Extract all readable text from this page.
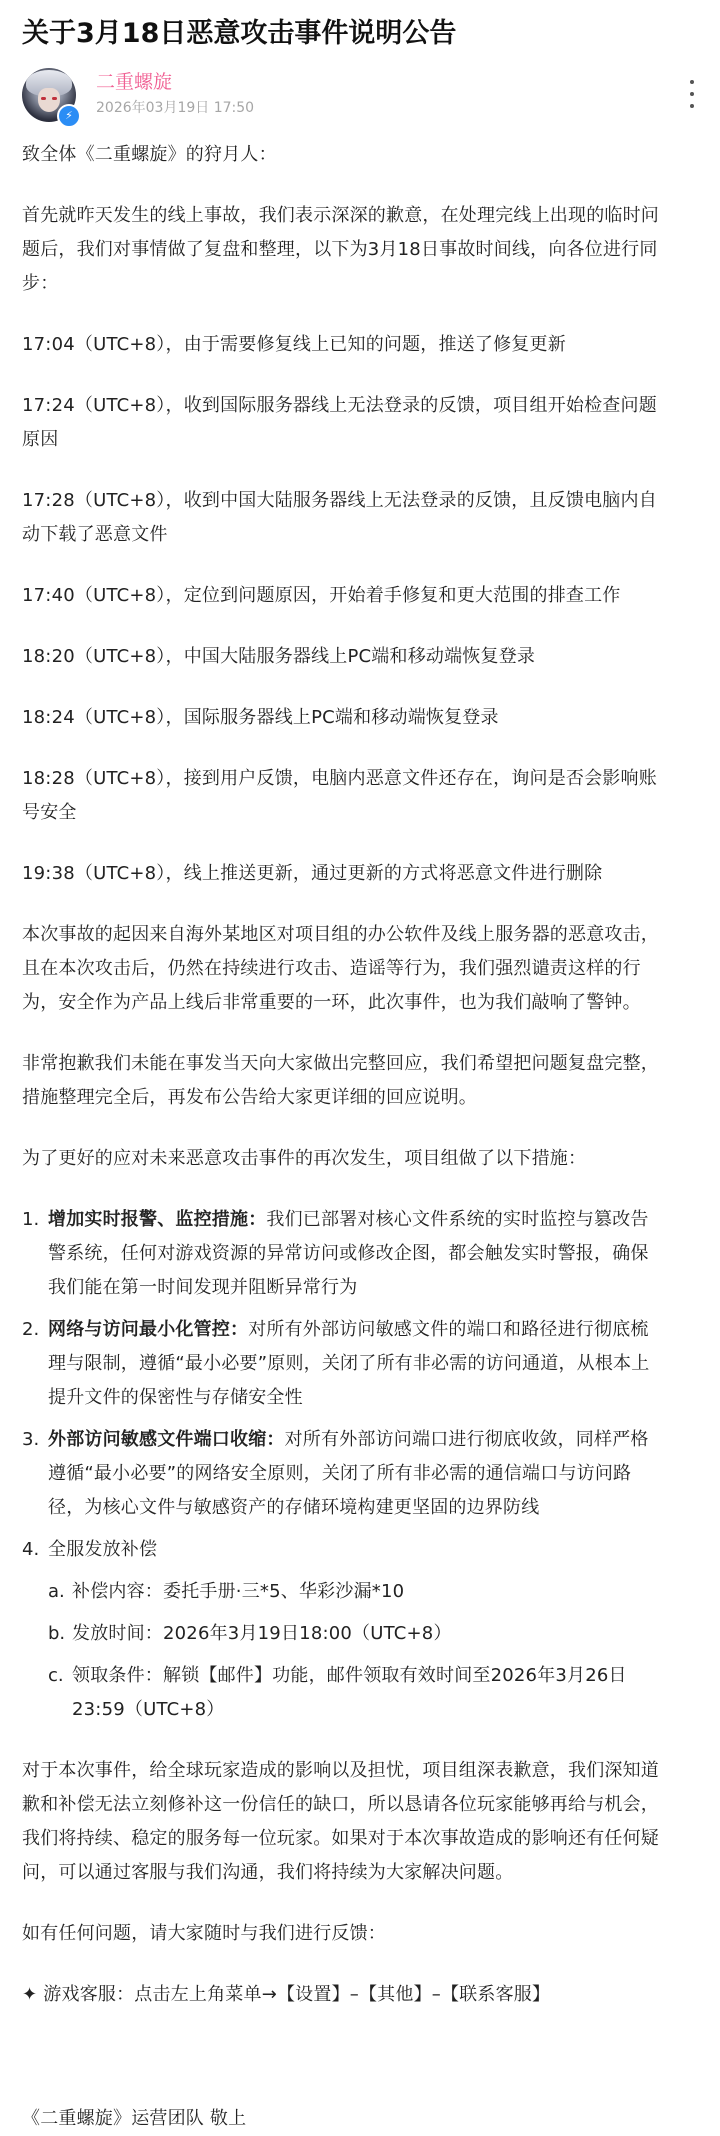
关于3月18日恶意攻击事件说明公告
⚡
二重螺旋
2026年03月19日 17:50

致全体《二重螺旋》的狩月人：

首先就昨天发生的线上事故，我们表示深深的歉意，在处理完线上出现的临时问

题后，我们对事情做了复盘和整理，以下为3月18日事故时间线，向各位进行同

步：

17:04（UTC+8），由于需要修复线上已知的问题，推送了修复更新

17:24（UTC+8），收到国际服务器线上无法登录的反馈，项目组开始检查问题

原因

17:28（UTC+8），收到中国大陆服务器线上无法登录的反馈，且反馈电脑内自

动下载了恶意文件

17:40（UTC+8），定位到问题原因，开始着手修复和更大范围的排查工作

18:20（UTC+8），中国大陆服务器线上PC端和移动端恢复登录

18:24（UTC+8），国际服务器线上PC端和移动端恢复登录

18:28（UTC+8），接到用户反馈，电脑内恶意文件还存在，询问是否会影响账

号安全

19:38（UTC+8），线上推送更新，通过更新的方式将恶意文件进行删除

本次事故的起因来自海外某地区对项目组的办公软件及线上服务器的恶意攻击，

且在本次攻击后，仍然在持续进行攻击、造谣等行为，我们强烈谴责这样的行

为，安全作为产品上线后非常重要的一环，此次事件，也为我们敲响了警钟。

非常抱歉我们未能在事发当天向大家做出完整回应，我们希望把问题复盘完整，

措施整理完全后，再发布公告给大家更详细的回应说明。

为了更好的应对未来恶意攻击事件的再次发生，项目组做了以下措施：

1. 增加实时报警、监控措施：我们已部署对核心文件系统的实时监控与篡改告

警系统，任何对游戏资源的异常访问或修改企图，都会触发实时警报，确保

我们能在第一时间发现并阻断异常行为

2. 网络与访问最小化管控：对所有外部访问敏感文件的端口和路径进行彻底梳

理与限制，遵循“最小必要”原则，关闭了所有非必需的访问通道，从根本上

提升文件的保密性与存储安全性

3. 外部访问敏感文件端口收缩：对所有外部访问端口进行彻底收敛，同样严格

遵循“最小必要”的网络安全原则，关闭了所有非必需的通信端口与访问路

径，为核心文件与敏感资产的存储环境构建更坚固的边界防线

4. 全服发放补偿

a. 补偿内容：委托手册·三*5、华彩沙漏*10

b. 发放时间：2026年3月19日18:00（UTC+8）

c. 领取条件：解锁【邮件】功能，邮件领取有效时间至2026年3月26日

23:59（UTC+8）

对于本次事件，给全球玩家造成的影响以及担忧，项目组深表歉意，我们深知道

歉和补偿无法立刻修补这一份信任的缺口，所以恳请各位玩家能够再给与机会，

我们将持续、稳定的服务每一位玩家。如果对于本次事故造成的影响还有任何疑

问，可以通过客服与我们沟通，我们将持续为大家解决问题。

如有任何问题，请大家随时与我们进行反馈：

✦ 游戏客服：点击左上角菜单→【设置】–【其他】–【联系客服】

《二重螺旋》运营团队 敬上
